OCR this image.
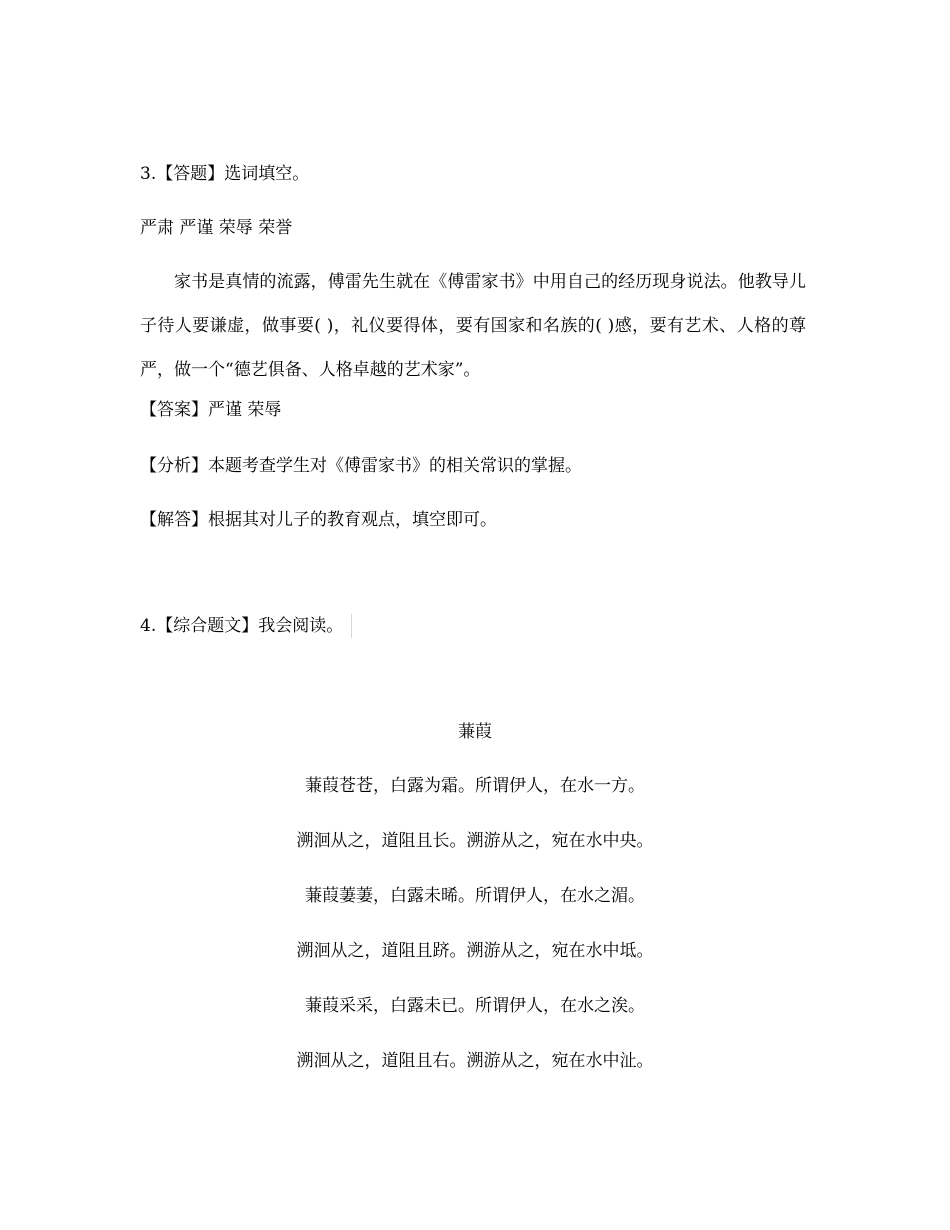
3.【答题】选词填空。
严肃 严谨 荣辱 荣誉
家书是真情的流露，傅雷先生就在《傅雷家书》中用自己的经历现身说法。他教导儿子待人要谦虚，做事要( )，礼仪要得体，要有国家和名族的( )感，要有艺术、人格的尊严，做一个“德艺俱备、人格卓越的艺术家”。
【答案】严谨 荣辱
【分析】本题考查学生对《傅雷家书》的相关常识的掌握。
【解答】根据其对儿子的教育观点，填空即可。
4.【综合题文】我会阅读。
蒹葭
蒹葭苍苍，白露为霜。所谓伊人，在水一方。
溯洄从之，道阻且长。溯游从之，宛在水中央。
蒹葭萋萋，白露未晞。所谓伊人，在水之湄。
溯洄从之，道阻且跻。溯游从之，宛在水中坻。
蒹葭采采，白露未已。所谓伊人，在水之涘。
溯洄从之，道阻且右。溯游从之，宛在水中沚。
